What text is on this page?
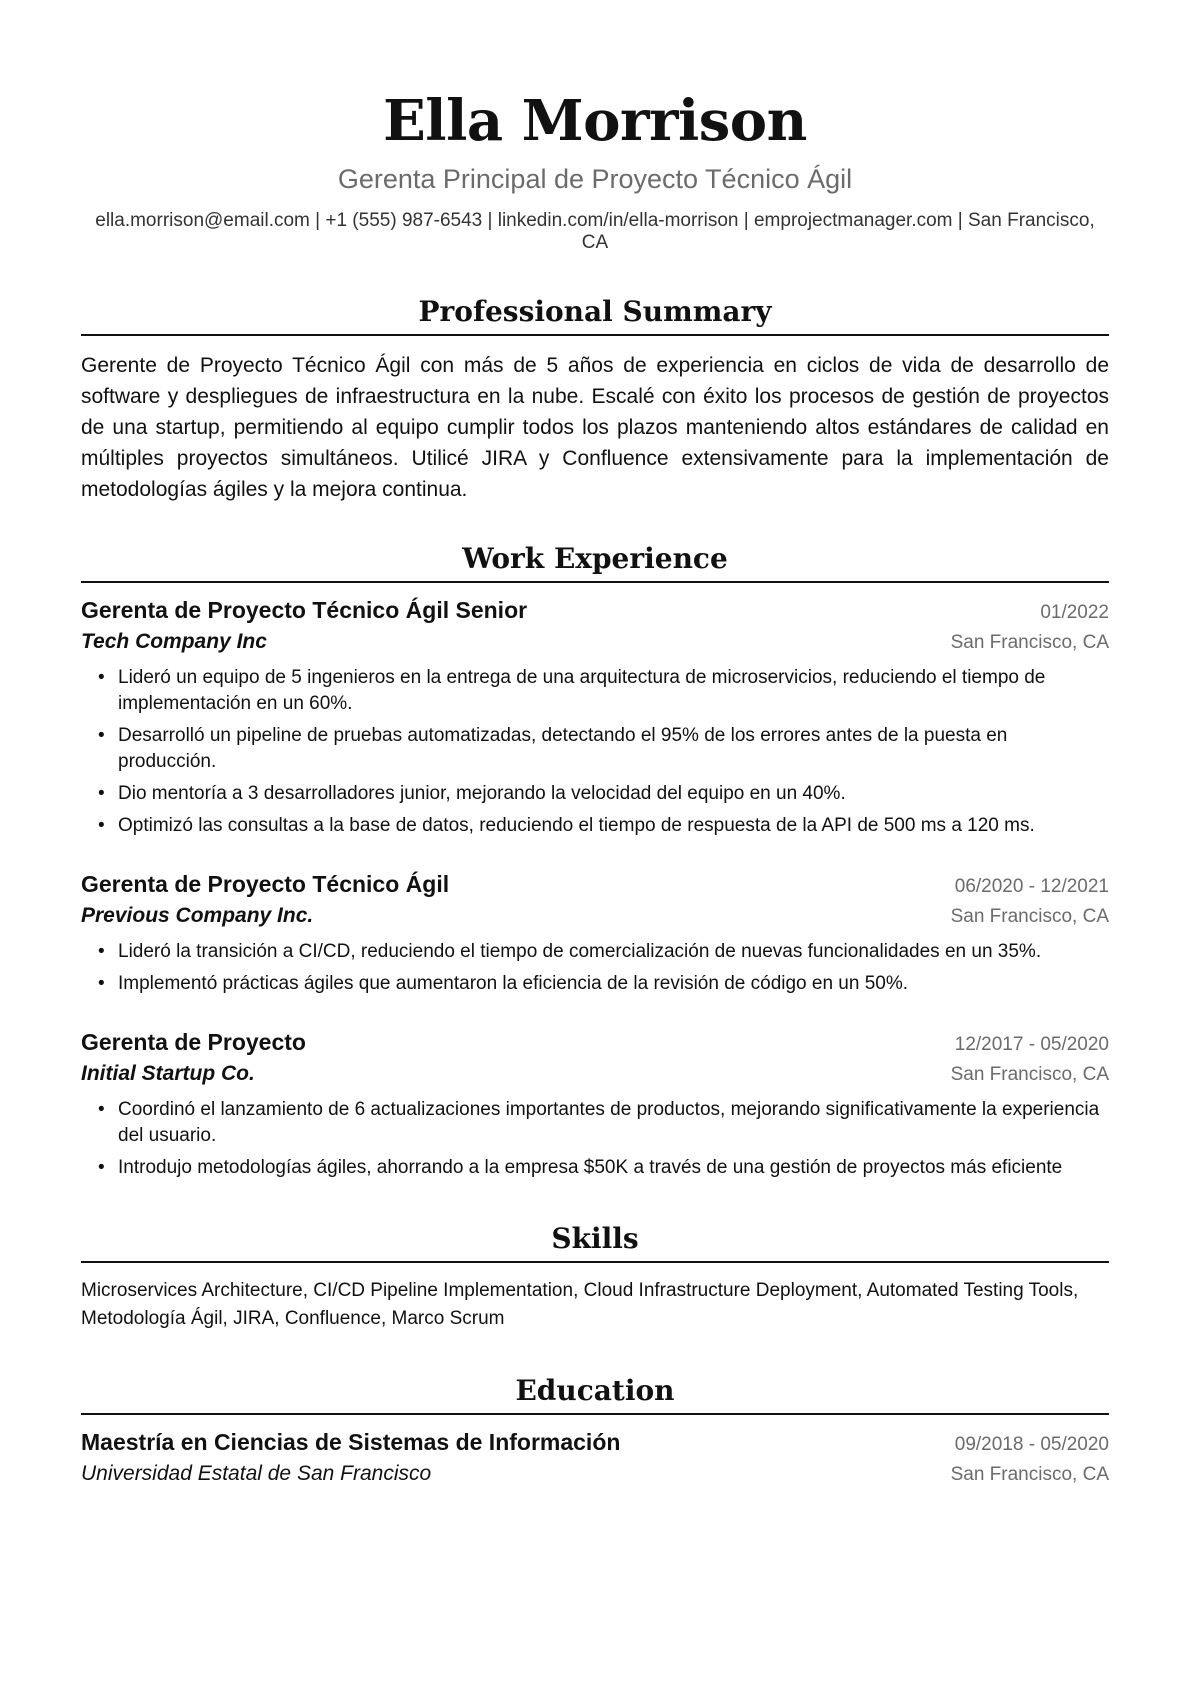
Ella Morrison
Gerenta Principal de Proyecto Técnico Ágil
ella.morrison@email.com | +1 (555) 987-6543 | linkedin.com/in/ella-morrison | emprojectmanager.com | San Francisco, CA
Professional Summary
Gerente de Proyecto Técnico Ágil con más de 5 años de experiencia en ciclos de vida de desarrollo de software y despliegues de infraestructura en la nube. Escalé con éxito los procesos de gestión de proyectos de una startup, permitiendo al equipo cumplir todos los plazos manteniendo altos estándares de calidad en múltiples proyectos simultáneos. Utilicé JIRA y Confluence extensivamente para la implementación de metodologías ágiles y la mejora continua.
Work Experience
Gerenta de Proyecto Técnico Ágil Senior	01/2022
Tech Company Inc	San Francisco, CA
• Lideró un equipo de 5 ingenieros en la entrega de una arquitectura de microservicios, reduciendo el tiempo de implementación en un 60%.
• Desarrolló un pipeline de pruebas automatizadas, detectando el 95% de los errores antes de la puesta en producción.
• Dio mentoría a 3 desarrolladores junior, mejorando la velocidad del equipo en un 40%.
• Optimizó las consultas a la base de datos, reduciendo el tiempo de respuesta de la API de 500 ms a 120 ms.
Gerenta de Proyecto Técnico Ágil	06/2020 - 12/2021
Previous Company Inc.	San Francisco, CA
• Lideró la transición a CI/CD, reduciendo el tiempo de comercialización de nuevas funcionalidades en un 35%.
• Implementó prácticas ágiles que aumentaron la eficiencia de la revisión de código en un 50%.
Gerenta de Proyecto	12/2017 - 05/2020
Initial Startup Co.	San Francisco, CA
• Coordinó el lanzamiento de 6 actualizaciones importantes de productos, mejorando significativamente la experiencia del usuario.
• Introdujo metodologías ágiles, ahorrando a la empresa $50K a través de una gestión de proyectos más eficiente
Skills
Microservices Architecture, CI/CD Pipeline Implementation, Cloud Infrastructure Deployment, Automated Testing Tools, Metodología Ágil, JIRA, Confluence, Marco Scrum
Education
Maestría en Ciencias de Sistemas de Información	09/2018 - 05/2020
Universidad Estatal de San Francisco	San Francisco, CA
